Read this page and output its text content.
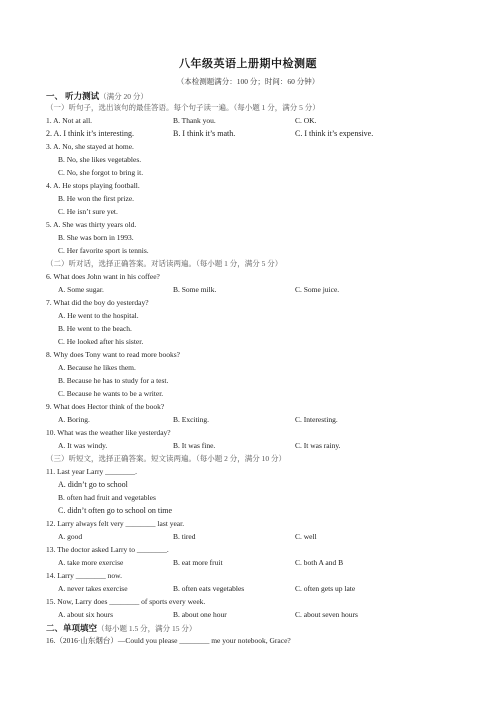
八年级英语上册期中检测题
（本检测题满分：100 分；时间：60 分钟）
一、 听力测试（满分 20 分）
（一）听句子，选出该句的最佳答语。每个句子读一遍。（每小题 1 分，满分 5 分）
1. A. Not at all.	B. Thank you.	C. OK.
2. A. I think it’s interesting.	B. I think it’s math.	C. I think it’s expensive.
3. A. No, she stayed at home.
B. No, she likes vegetables.
C. No, she forgot to bring it.
4. A. He stops playing football.
B. He won the first prize.
C. He isn’t sure yet.
5. A. She was thirty years old.
B. She was born in 1993.
C. Her favorite sport is tennis.
（二）听对话，选择正确答案。对话读两遍。（每小题 1 分，满分 5 分）
6. What does John want in his coffee?
A. Some sugar.	B. Some milk.	C. Some juice.
7. What did the boy do yesterday?
A. He went to the hospital.
B. He went to the beach.
C. He looked after his sister.
8. Why does Tony want to read more books?
A. Because he likes them.
B. Because he has to study for a test.
C. Because he wants to be a writer.
9. What does Hector think of the book?
A. Boring.	B. Exciting.	C. Interesting.
10. What was the weather like yesterday?
A. It was windy.	B. It was fine.	C. It was rainy.
（三）听短文，选择正确答案。短文读两遍。（每小题 2 分，满分 10 分）
11. Last year Larry ________.
A. didn’t go to school
B. often had fruit and vegetables
C. didn’t often go to school on time
12. Larry always felt very ________ last year.
A. good	B. tired	C. well
13. The doctor asked Larry to ________.
A. take more exercise	B. eat more fruit	C. both A and B
14. Larry ________ now.
A. never takes exercise	B. often eats vegetables	C. often gets up late
15. Now, Larry does ________ of sports every week.
A. about six hours	B. about one hour	C. about seven hours
二、单项填空（每小题 1.5 分，满分 15 分）
16.（2016·山东烟台）—Could you please ________ me your notebook, Grace?
